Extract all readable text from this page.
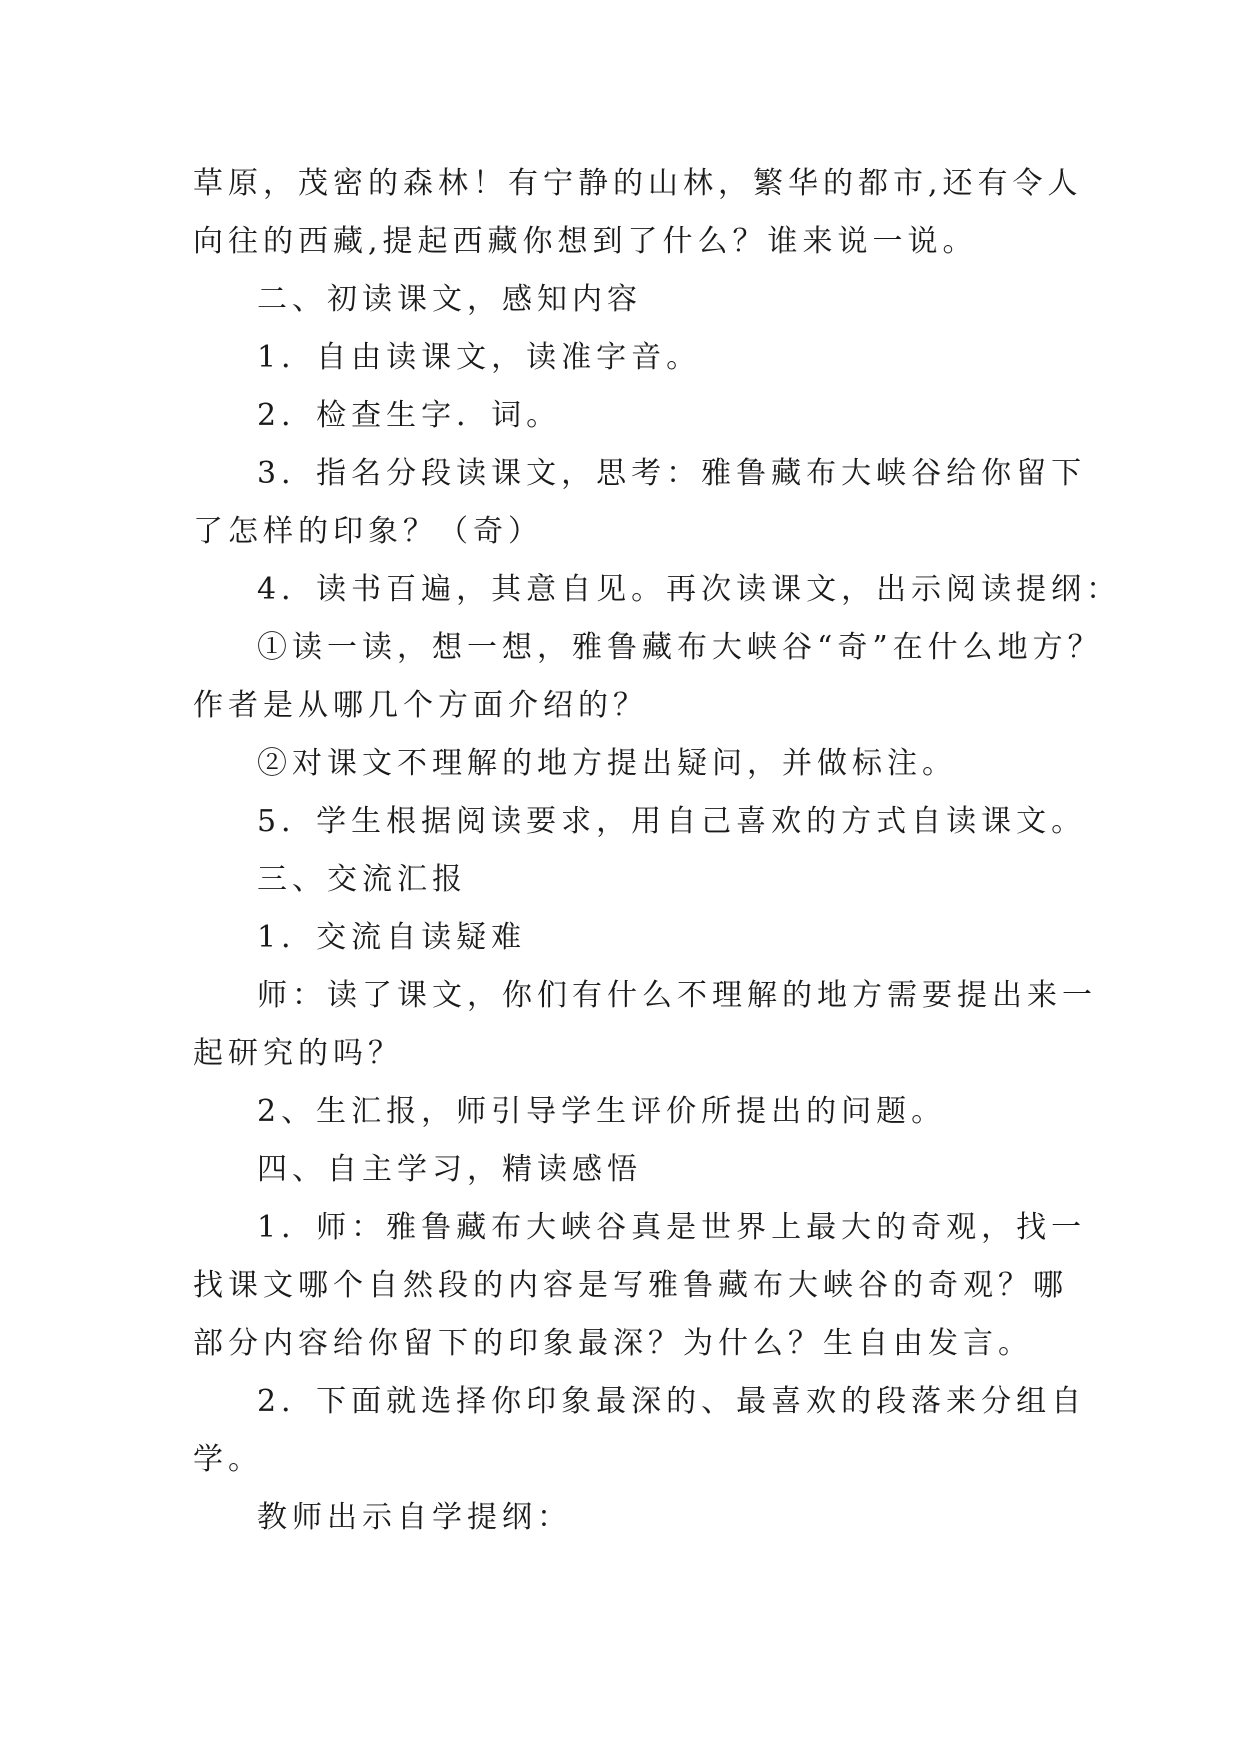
草原，茂密的森林！有宁静的山林，繁华的都市,还有令人
向往的西藏,提起西藏你想到了什么？谁来说一说。
二、初读课文，感知内容
1．自由读课文，读准字音。
2．检查生字．词。
3．指名分段读课文，思考：雅鲁藏布大峡谷给你留下
了怎样的印象？（奇）
4．读书百遍，其意自见。再次读课文，出示阅读提纲：
①读一读，想一想，雅鲁藏布大峡谷“奇”在什么地方？
作者是从哪几个方面介绍的？
②对课文不理解的地方提出疑问，并做标注。
5．学生根据阅读要求，用自己喜欢的方式自读课文。
三、交流汇报
1．交流自读疑难
师：读了课文，你们有什么不理解的地方需要提出来一
起研究的吗？
2、生汇报，师引导学生评价所提出的问题。
四、自主学习，精读感悟
1．师：雅鲁藏布大峡谷真是世界上最大的奇观，找一
找课文哪个自然段的内容是写雅鲁藏布大峡谷的奇观？哪
部分内容给你留下的印象最深？为什么？生自由发言。
2．下面就选择你印象最深的、最喜欢的段落来分组自
学。
教师出示自学提纲：
